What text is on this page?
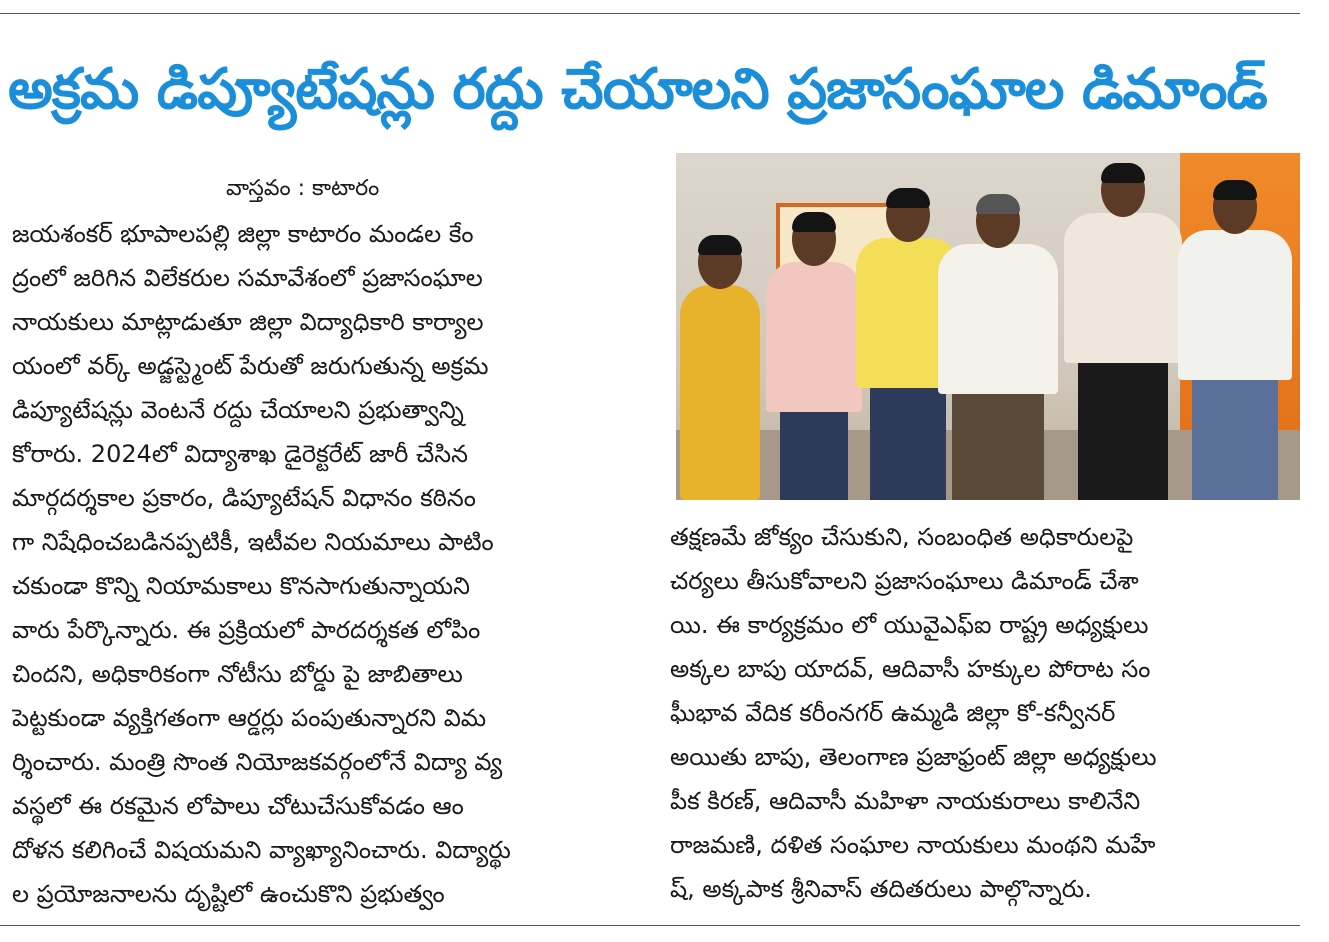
అక్రమ డిప్యూటేషన్లు రద్దు చేయాలని ప్రజాసంఘాల డిమాండ్
వాస్తవం : కాటారం
జయశంకర్ భూపాలపల్లి జిల్లా కాటారం మండల కేం
ద్రంలో జరిగిన విలేకరుల సమావేశంలో ప్రజాసంఘాల
నాయకులు మాట్లాడుతూ జిల్లా విద్యాధికారి కార్యాల
యంలో వర్క్ అడ్జస్ట్మెంట్ పేరుతో జరుగుతున్న అక్రమ
డిప్యూటేషన్లు వెంటనే రద్దు చేయాలని ప్రభుత్వాన్ని
కోరారు. 2024లో విద్యాశాఖ డైరెక్టరేట్ జారీ చేసిన
మార్గదర్శకాల ప్రకారం, డిప్యూటేషన్ విధానం కఠినం
గా నిషేధించబడినప్పటికీ, ఇటీవల నియమాలు పాటిం
చకుండా కొన్ని నియామకాలు కొనసాగుతున్నాయని
వారు పేర్కొన్నారు. ఈ ప్రక్రియలో పారదర్శకత లోపిం
చిందని, అధికారికంగా నోటీసు బోర్డు పై జాబితాలు
పెట్టకుండా వ్యక్తిగతంగా ఆర్డర్లు పంపుతున్నారని విమ
ర్శించారు. మంత్రి సొంత నియోజకవర్గంలోనే విద్యా వ్య
వస్థలో ఈ రకమైన లోపాలు చోటుచేసుకోవడం ఆం
దోళన కలిగించే విషయమని వ్యాఖ్యానించారు. విద్యార్థు
ల ప్రయోజనాలను దృష్టిలో ఉంచుకొని ప్రభుత్వం
తక్షణమే జోక్యం చేసుకుని, సంబంధిత అధికారులపై
చర్యలు తీసుకోవాలని ప్రజాసంఘాలు డిమాండ్ చేశా
యి. ఈ కార్యక్రమం లో యువైఎఫ్ఐ రాష్ట్ర అధ్యక్షులు
అక్కల బాపు యాదవ్, ఆదివాసీ హక్కుల పోరాట సం
ఘీభావ వేదిక కరీంనగర్ ఉమ్మడి జిల్లా కో-కన్వీనర్
అయితు బాపు, తెలంగాణ ప్రజాఫ్రంట్ జిల్లా అధ్యక్షులు
పీక కిరణ్, ఆదివాసీ మహిళా నాయకురాలు కాలినేని
రాజమణి, దళిత సంఘాల నాయకులు మంథని మహే
ష్, అక్కపాక శ్రీనివాస్ తదితరులు పాల్గొన్నారు.
